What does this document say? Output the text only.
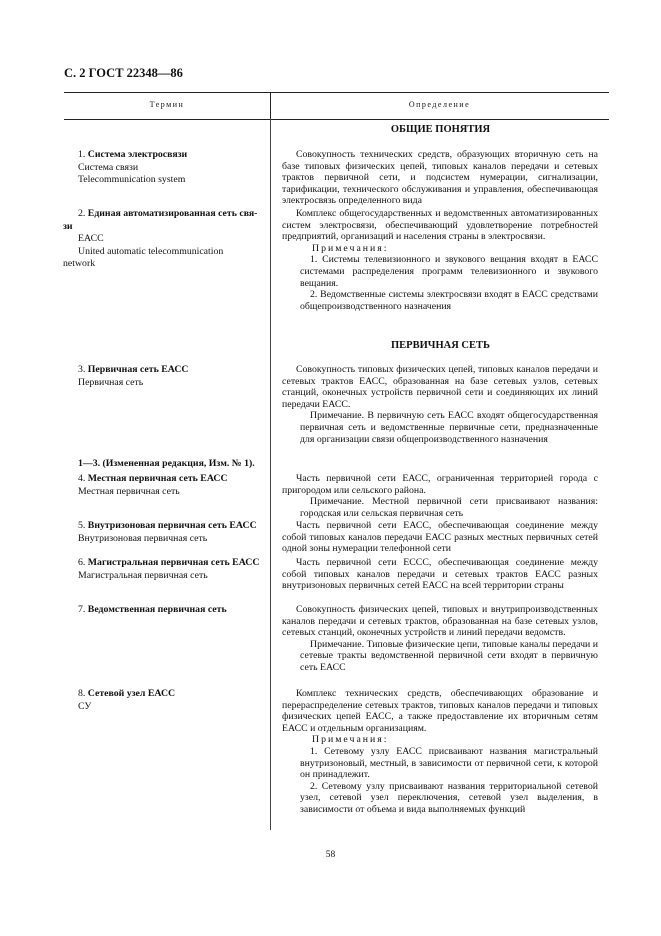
С. 2 ГОСТ 22348—86
Термин	Определение
ОБЩИЕ ПОНЯТИЯ
1. Система электросвязи
Система связи
Telecommunication system

Совокупность технических средств, образующих вторичную сеть на базе типовых физических цепей, типовых каналов передачи и сетевых трактов первичной сети, и подсистем нумерации, сигнализации, тарификации, технического обслуживания и управления, обеспечивающая электросвязь определенного вида

2. Единая автоматизированная сеть свя-
зи
ЕАСС
United automatic telecommunication
network

Комплекс общегосударственных и ведомственных автоматизированных систем электросвязи, обеспечивающий удовлетворение потребностей предприятий, организаций и населения страны в электросвязи.

Примечания:

1. Системы телевизионного и звукового вещания входят в ЕАСС системами распределения программ телевизионного и звукового вещания.

2. Ведомственные системы электросвязи входят в ЕАСС средствами общепроизводственного назначения

ПЕРВИЧНАЯ СЕТЬ
3. Первичная сеть ЕАСС
Первичная сеть

Совокупность типовых физических цепей, типовых каналов передачи и сетевых трактов ЕАСС, образованная на базе сетевых узлов, сетевых станций, оконечных устройств первичной сети и соединяющих их линий передачи ЕАСС.

Примечание. В первичную сеть ЕАСС входят общегосударственная первичная сеть и ведомственные первичные сети, предназначенные для организации связи общепроизводственного назначения

1—3. (Измененная редакция, Изм. № 1).
4. Местная первичная сеть ЕАСС
Местная первичная сеть

Часть первичной сети ЕАСС, ограниченная территорией города с пригородом или сельского района.

Примечание. Местной первичной сети присваивают названия: городская или сельская первичная сеть

5. Внутризоновая первичная сеть ЕАСС
Внутризоновая первичная сеть

Часть первичной сети ЕАСС, обеспечивающая соединение между собой типовых каналов передачи ЕАСС разных местных первичных сетей одной зоны нумерации телефонной сети

6. Магистральная первичная сеть ЕАСС
Магистральная первичная сеть

Часть первичной сети ЕССС, обеспечивающая соединение между собой типовых каналов передачи и сетевых трактов ЕАСС разных внутризоновых первичных сетей ЕАСС на всей территории страны

7. Ведомственная первичная сеть	Совокупность физических цепей, типовых и внутрипроизводственных каналов передачи и сетевых трактов, образованная на базе сетевых узлов, сетевых станций, оконечных устройств и линий передачи ведомств.

Примечание. Типовые физические цепи, типовые каналы передачи и сетевые тракты ведомственной первичной сети входят в первичную сеть ЕАСС

8. Сетевой узел ЕАСС
СУ

Комплекс технических средств, обеспечивающих образование и перераспределение сетевых трактов, типовых каналов передачи и типовых физических цепей ЕАСС, а также предоставление их вторичным сетям ЕАСС и отдельным организациям.

Примечания:

1. Сетевому узлу ЕАСС присваивают названия магистральный внутризоновый, местный, в зависимости от первичной сети, к которой он принадлежит.

2. Сетевому узлу присваивают названия территориальной сетевой узел, сетевой узел переключения, сетевой узел выделения, в зависимости от объема и вида выполняемых функций

58
